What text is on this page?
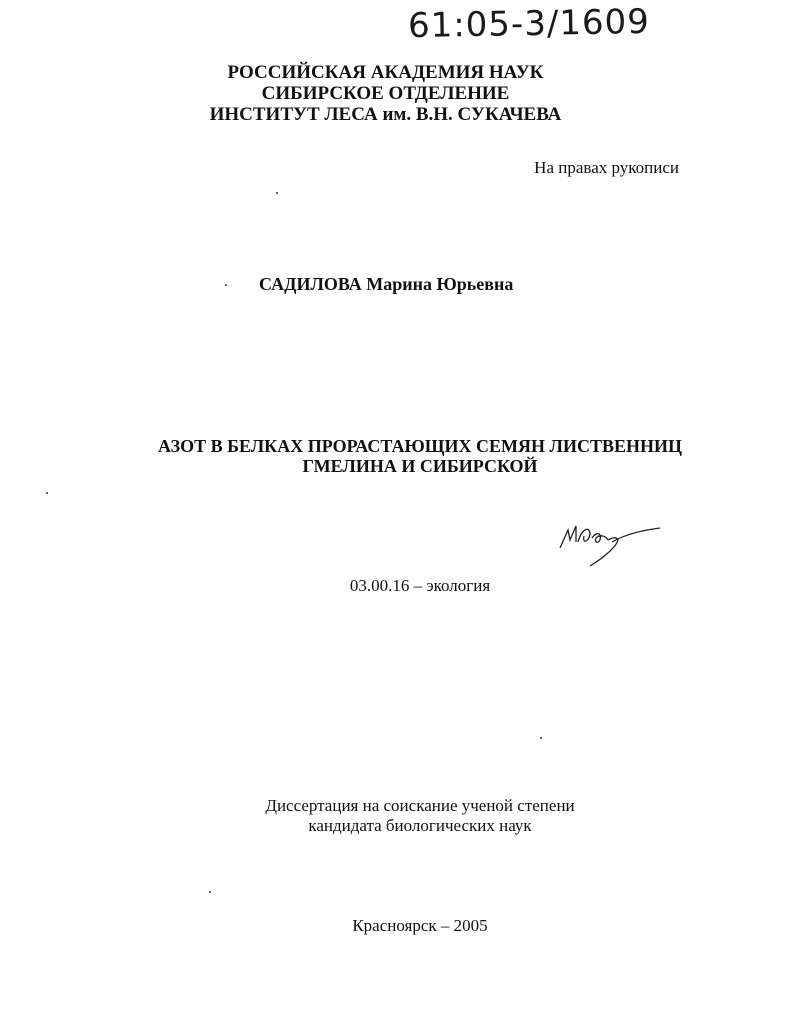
61:05-3/1609
РОССИЙСКАЯ АКАДЕМИЯ НАУК
СИБИРСКОЕ ОТДЕЛЕНИЕ
ИНСТИТУТ ЛЕСА им. В.Н. СУКАЧЕВА
На правах рукописи
САДИЛОВА Марина Юрьевна
АЗОТ В БЕЛКАХ ПРОРАСТАЮЩИХ СЕМЯН ЛИСТВЕННИЦ
ГМЕЛИНА И СИБИРСКОЙ
03.00.16 – экология
Диссертация на соискание ученой степени
кандидата биологических наук
Красноярск – 2005
